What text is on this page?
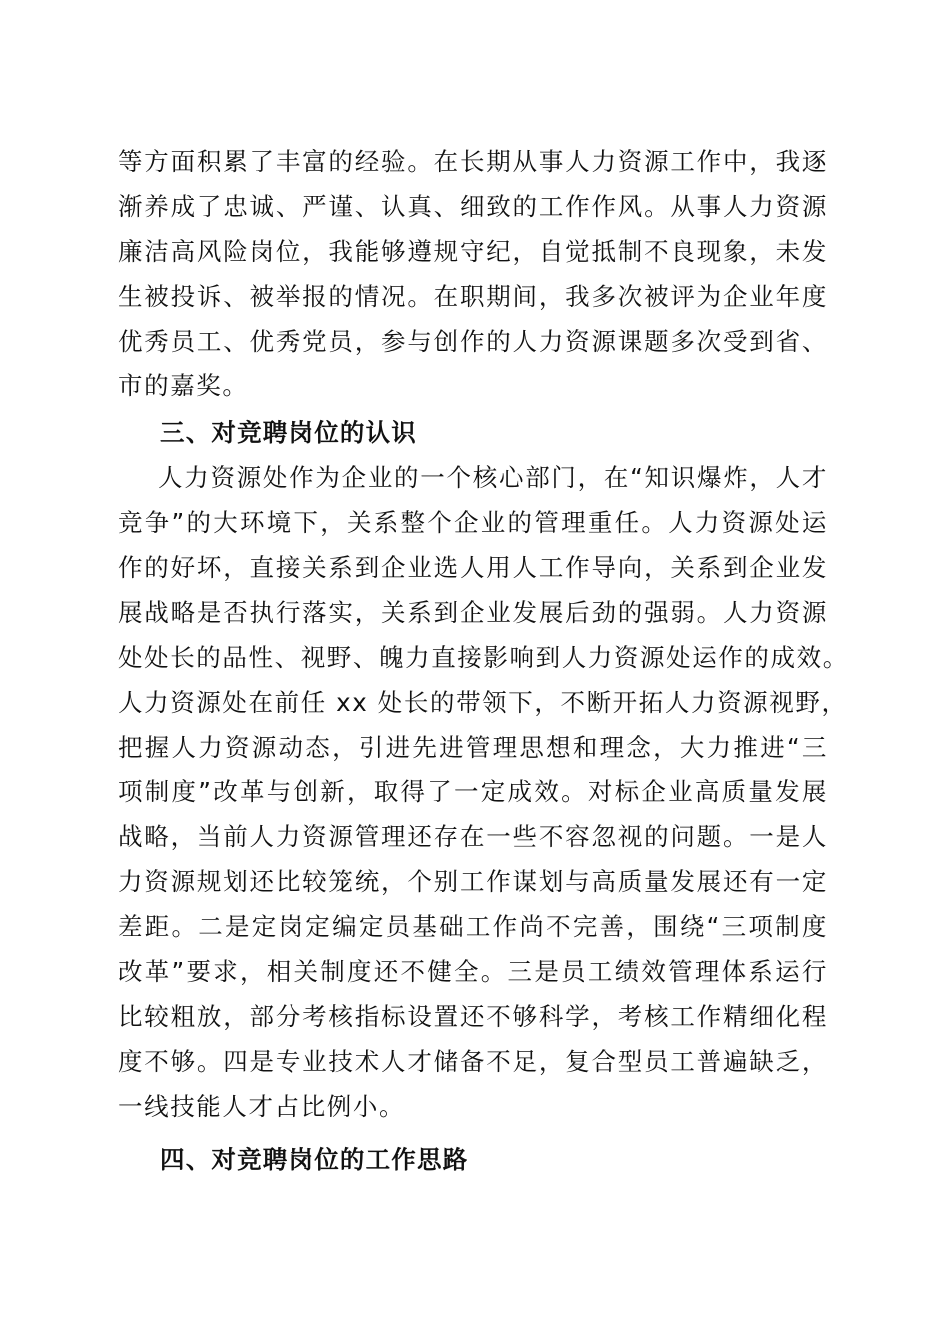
等方面积累了丰富的经验。在长期从事人力资源工作中，我逐
渐养成了忠诚、严谨、认真、细致的工作作风。从事人力资源
廉洁高风险岗位，我能够遵规守纪，自觉抵制不良现象，未发
生被投诉、被举报的情况。在职期间，我多次被评为企业年度
优秀员工、优秀党员，参与创作的人力资源课题多次受到省、
市的嘉奖。
三、对竞聘岗位的认识
人力资源处作为企业的一个核心部门，在“知识爆炸，人才
竞争”的大环境下，关系整个企业的管理重任。人力资源处运
作的好坏，直接关系到企业选人用人工作导向，关系到企业发
展战略是否执行落实，关系到企业发展后劲的强弱。人力资源
处处长的品性、视野、魄力直接影响到人力资源处运作的成效。
人力资源处在前任 xx 处长的带领下，不断开拓人力资源视野，
把握人力资源动态，引进先进管理思想和理念，大力推进“三
项制度”改革与创新，取得了一定成效。对标企业高质量发展
战略，当前人力资源管理还存在一些不容忽视的问题。一是人
力资源规划还比较笼统，个别工作谋划与高质量发展还有一定
差距。二是定岗定编定员基础工作尚不完善，围绕“三项制度
改革”要求，相关制度还不健全。三是员工绩效管理体系运行
比较粗放，部分考核指标设置还不够科学，考核工作精细化程
度不够。四是专业技术人才储备不足，复合型员工普遍缺乏，
一线技能人才占比例小。
四、对竞聘岗位的工作思路
